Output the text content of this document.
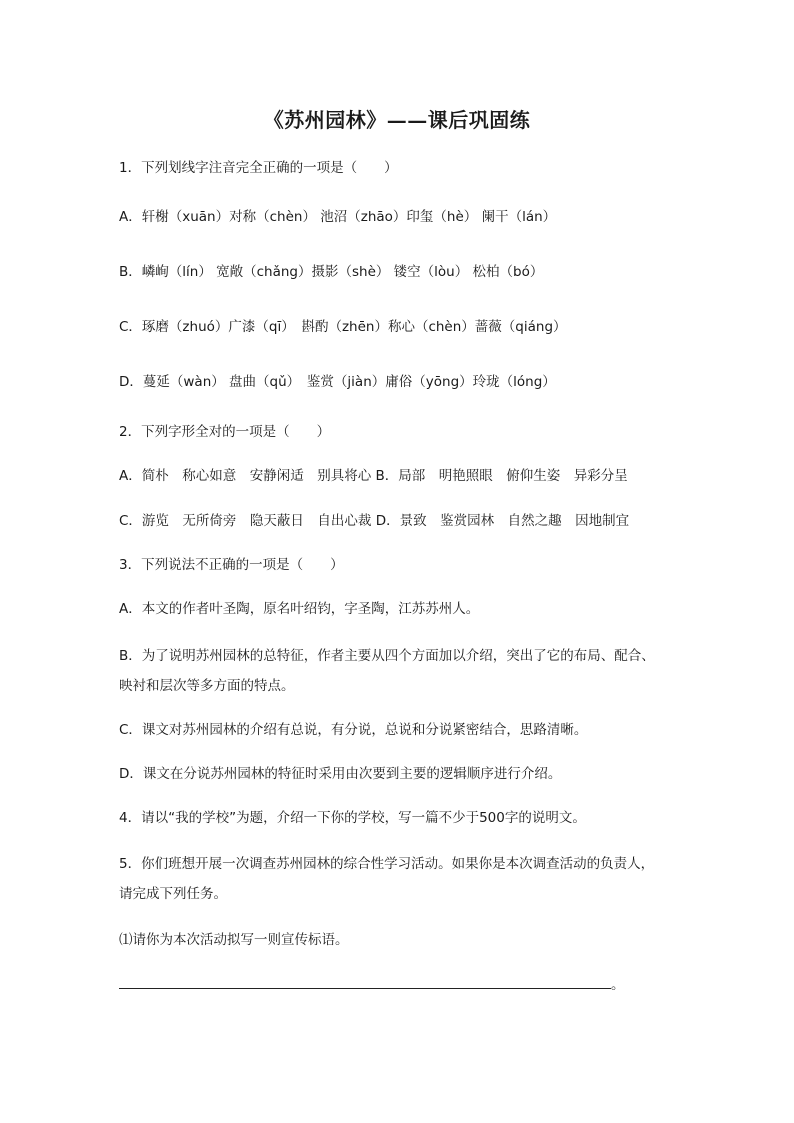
《苏州园林》——课后巩固练
1．下列划线字注音完全正确的一项是（　　）
A．轩榭（xuān）对称（chèn） 池沼（zhāo）印玺（hè） 阑干（lán）
B．嶙峋（lín） 宽敞（chǎng）摄影（shè） 镂空（lòu） 松柏（bó）
C．琢磨（zhuó）广漆（qī）　斟酌（zhēn）称心（chèn）蔷薇（qiáng）
D．蔓延（wàn） 盘曲（qǔ）　鉴赏（jiàn）庸俗（yōng）玲珑（lóng）
2．下列字形全对的一项是（　　）
A．简朴　称心如意　安静闲适　别具将心 B．局部　明艳照眼　俯仰生姿　异彩分呈
C．游览　无所倚旁　隐天蔽日　自出心裁 D．景致　鉴赏园林　自然之趣　因地制宜
3．下列说法不正确的一项是（　　）
A．本文的作者叶圣陶，原名叶绍钧，字圣陶，江苏苏州人。
B．为了说明苏州园林的总特征，作者主要从四个方面加以介绍，突出了它的布局、配合、
映衬和层次等多方面的特点。
C．课文对苏州园林的介绍有总说，有分说，总说和分说紧密结合，思路清晰。
D．课文在分说苏州园林的特征时采用由次要到主要的逻辑顺序进行介绍。
4．请以“我的学校”为题，介绍一下你的学校，写一篇不少于500字的说明文。
5．你们班想开展一次调查苏州园林的综合性学习活动。如果你是本次调查活动的负责人，
请完成下列任务。
⑴请你为本次活动拟写一则宣传标语。
。
